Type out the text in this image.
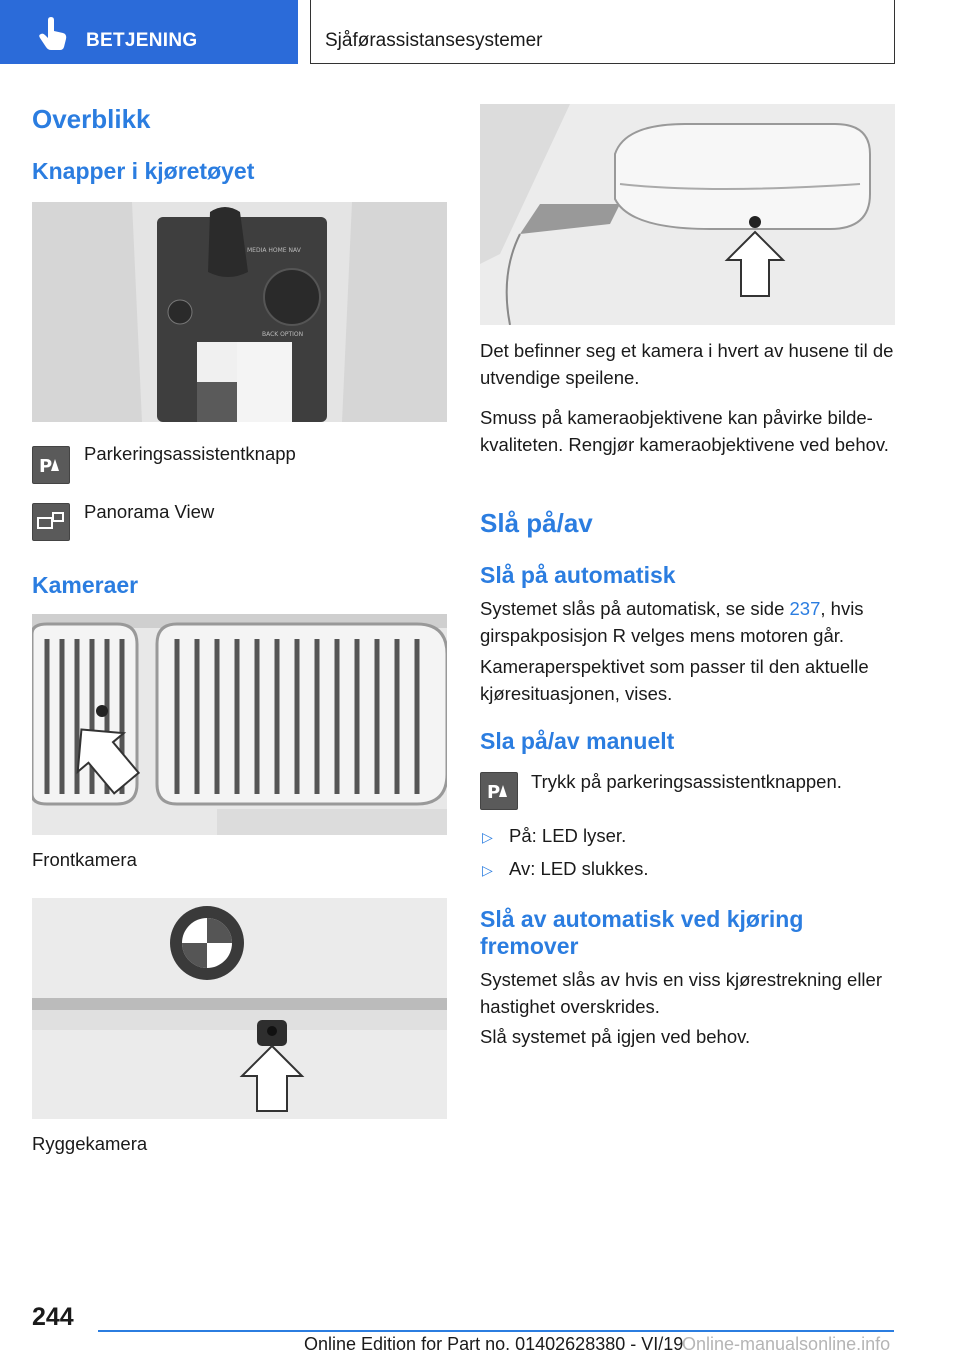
BETJENING	Sjåførassistansesystemer
Overblikk
Knapper i kjøretøyet
MEDIA HOME NAV
BACK OPTION
P
Parkeringsassistentknapp
Panorama View
Kameraer
Frontkamera
Ryggekamera
Det befinner seg et kamera i hvert av husene til de utvendige speilene.
Smuss på kameraobjektivene kan påvirke bildekvaliteten. Rengjør kameraobjektivene ved behov.
Slå på/av
Slå på automatisk
Systemet slås på automatisk, se side 237, hvis girspakposisjon R velges mens motoren går.
Kameraperspektivet som passer til den aktuelle kjøresituasjonen, vises.
Sla på/av manuelt
P
Trykk på parkeringsassistentknappen.
▷ På: LED lyser.
▷ Av: LED slukkes.
Slå av automatisk ved kjøring fremover
Systemet slås av hvis en viss kjørestrekning eller hastighet overskrides.
Slå systemet på igjen ved behov.
244
Online Edition for Part no. 01402628380 - VI/19
Online-manualsonline.info
